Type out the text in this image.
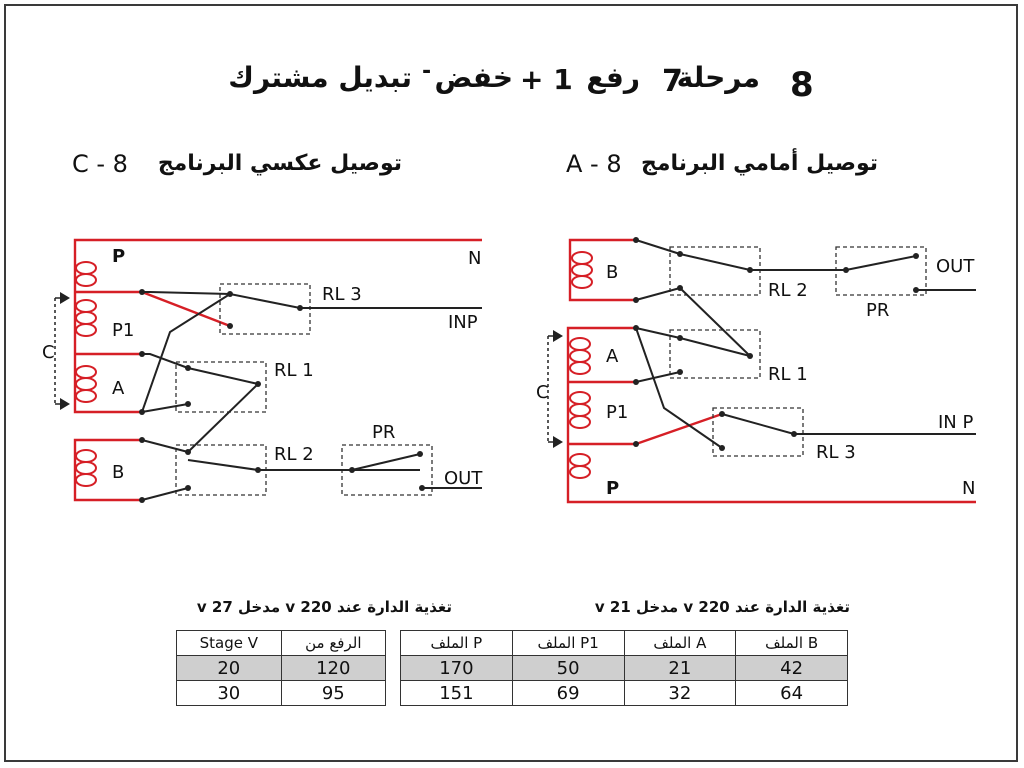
8
مرحلة
7
رفع
+ 1
خفض
-
تبديل مشترك
توصيل عكسي البرنامج
C - 8	توصيل أمامي البرنامج
A - 8
P	N
P1
A
B
C
RL 3
RL 1
RL 2
PR
INP
OUT
B
A
P1
P
C
N
RL 2
RL 1
RL 3
PR
OUT
IN P
تغذية الدارة عند 220 v مدخل 27 v	تغذية الدارة عند 220 v مدخل 21 v
Stage V	الرفع من
20	120
30	95
الملف P	الملف P1	الملف A	الملف B
170	50	21	42
151	69	32	64
